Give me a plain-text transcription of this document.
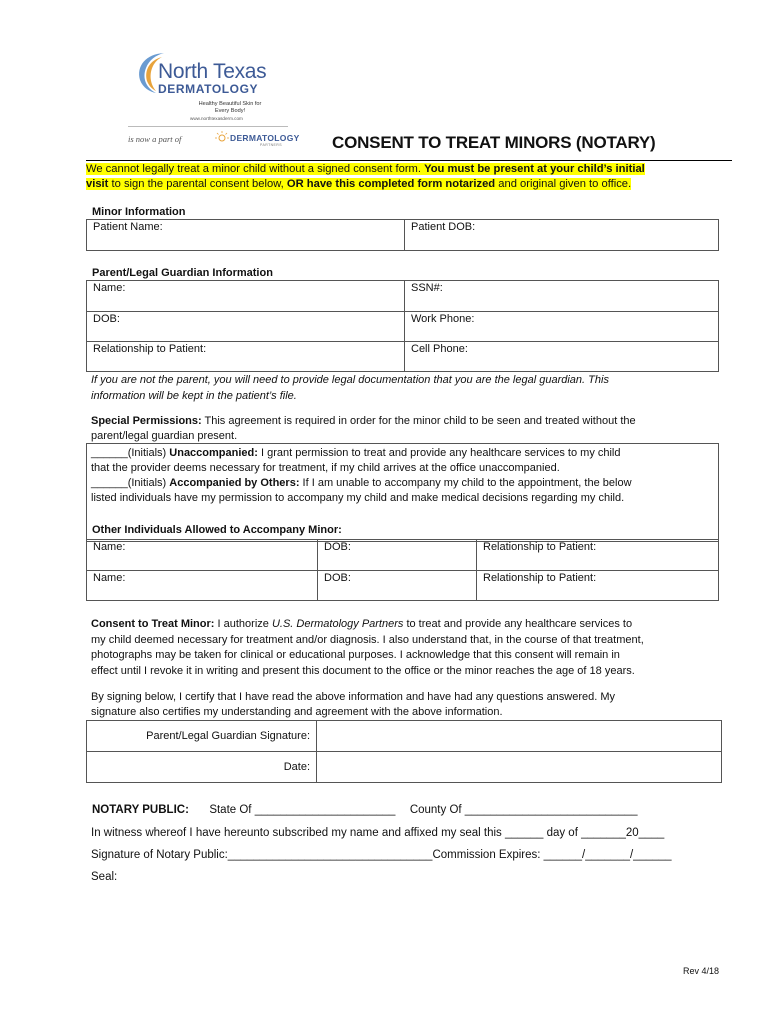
North Texas
DERMATOLOGY
Healthy Beautiful Skin for Every Body!
www.northtexasderm.com
is now a part of	DERMATOLOGY
PARTNERS	CONSENT TO TREAT MINORS (NOTARY)
We cannot legally treat a minor child without a signed consent form. You must be present at your child’s initial
visit to sign the parental consent below, OR have this completed form notarized and original given to office.
Minor Information
Patient Name:	Patient DOB:
Parent/Legal Guardian Information
Name:	SSN#:
DOB:	Work Phone:
Relationship to Patient:	Cell Phone:
If you are not the parent, you will need to provide legal documentation that you are the legal guardian. This
information will be kept in the patient’s file.
Special Permissions: This agreement is required in order for the minor child to be seen and treated without the
parent/legal guardian present.
______(Initials) Unaccompanied: I grant permission to treat and provide any healthcare services to my child
that the provider deems necessary for treatment, if my child arrives at the office unaccompanied.
______(Initials) Accompanied by Others: If I am unable to accompany my child to the appointment, the below
listed individuals have my permission to accompany my child and make medical decisions regarding my child.
Other Individuals Allowed to Accompany Minor:
Name:	DOB:	Relationship to Patient:
Name:	DOB:	Relationship to Patient:
Consent to Treat Minor: I authorize U.S. Dermatology Partners to treat and provide any healthcare services to
my child deemed necessary for treatment and/or diagnosis. I also understand that, in the course of that treatment,
photographs may be taken for clinical or educational purposes. I acknowledge that this consent will remain in
effect until I revoke it in writing and present this document to the office or the minor reaches the age of 18 years.
By signing below, I certify that I have read the above information and have had any questions answered. My
signature also certifies my understanding and agreement with the above information.
Parent/Legal Guardian Signature:	
Date:	
NOTARY PUBLIC: State Of ______________________ County Of ___________________________
In witness whereof I have hereunto subscribed my name and affixed my seal this ______ day of _______20____
Signature of Notary Public:________________________________Commission Expires: ______/_______/______
Seal:
Rev 4/18
